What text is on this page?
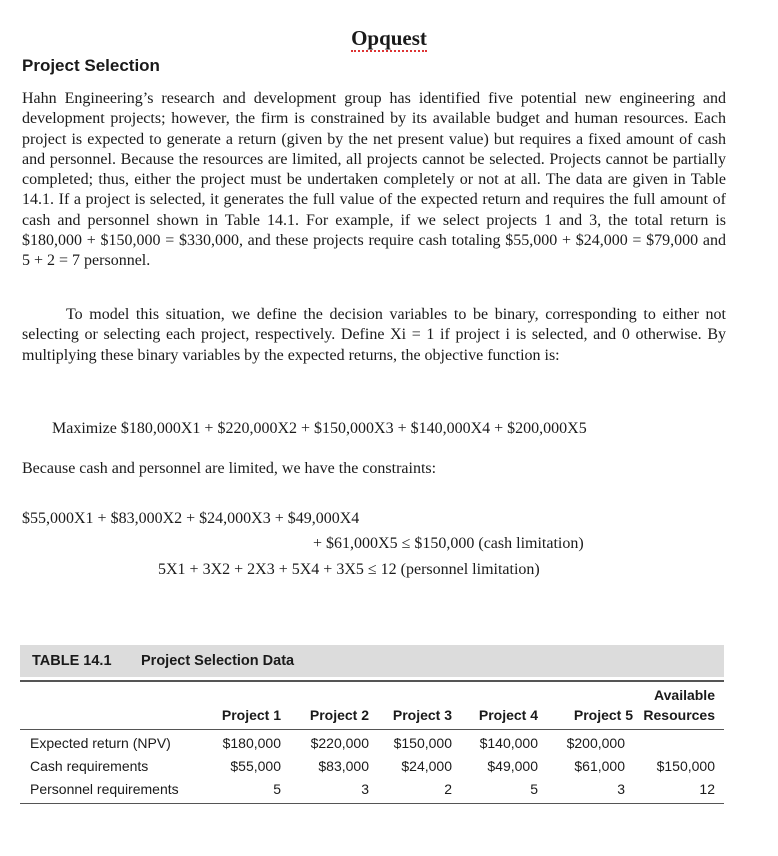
Opquest
Project Selection

Hahn Engineering’s research and development group has identified five potential new engineering and development projects; however, the firm is constrained by its available budget and human resources. Each project is expected to generate a return (given by the net present value) but requires a fixed amount of cash and personnel. Because the resources are limited, all projects cannot be selected. Projects cannot be partially completed; thus, either the project must be undertaken completely or not at all. The data are given in Table 14.1. If a project is selected, it generates the full value of the expected return and requires the full amount of cash and personnel shown in Table 14.1. For example, if we select projects 1 and 3, the total return is $180,000 + $150,000 = $330,000, and these projects require cash totaling $55,000 + $24,000 = $79,000 and 5 + 2 = 7 personnel.

To model this situation, we define the decision variables to be binary, corresponding to either not selecting or selecting each project, respectively. Define Xi = 1 if project i is selected, and 0 otherwise. By multiplying these binary variables by the expected returns, the objective function is:

Maximize $180,000X1 + $220,000X2 + $150,000X3 + $140,000X4 + $200,000X5
Because cash and personnel are limited, we have the constraints:
$55,000X1 + $83,000X2 + $24,000X3 + $49,000X4
+ $61,000X5 ≤ $150,000 (cash limitation)
5X1 + 3X2 + 2X3 + 5X4 + 3X5 ≤ 12 (personnel limitation)
TABLE 14.1 Project Selection Data
Project 1 Project 2 Project 3 Project 4	Project 5
Available
Resources
Expected return (NPV)	$180,000 $220,000 $150,000 $140,000 $200,000
Cash requirements	$55,000	$83,000 $24,000	$49,000	$61,000 $150,000
Personnel requirements	5	3	2	5	3	12
